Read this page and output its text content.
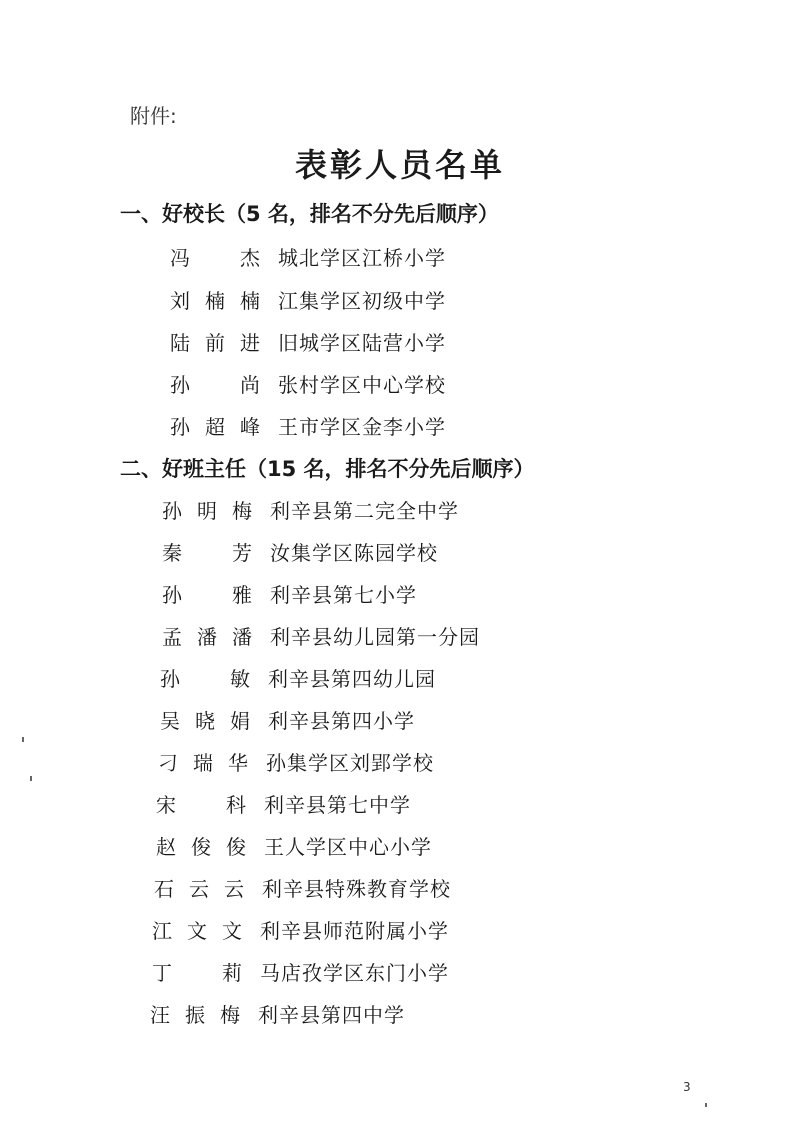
附件:
表彰人员名单
一、好校长（5 名，排名不分先后顺序）
冯杰 城北学区江桥小学
刘楠楠 江集学区初级中学
陆前进 旧城学区陆营小学
孙尚 张村学区中心学校
孙超峰 王市学区金李小学
二、好班主任（15 名，排名不分先后顺序）
孙明梅 利辛县第二完全中学
秦芳 汝集学区陈园学校
孙雅 利辛县第七小学
孟潘潘 利辛县幼儿园第一分园
孙敏 利辛县第四幼儿园
吴晓娟 利辛县第四小学
刁瑞华 孙集学区刘郢学校
宋科 利辛县第七中学
赵俊俊 王人学区中心小学
石云云 利辛县特殊教育学校
江文文 利辛县师范附属小学
丁莉 马店孜学区东门小学
汪振梅 利辛县第四中学
3
